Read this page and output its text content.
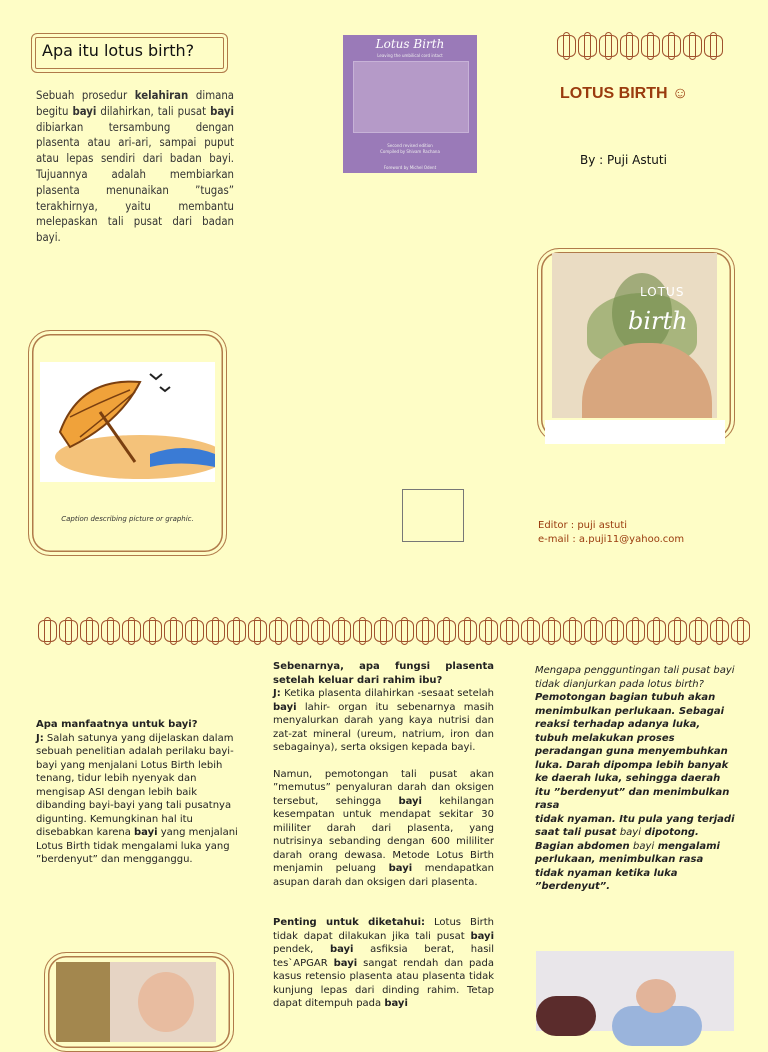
Apa itu lotus birth?
Sebuah prosedur kelahiran dimana begitu bayi dilahirkan, tali pusat bayi dibiarkan tersambung dengan plasenta atau ari-ari, sampai puput atau lepas sendiri dari badan bayi. Tujuannya adalah membiarkan plasenta menunaikan ”tugas” terakhirnya, yaitu membantu melepaskan tali pusat dari badan bayi.
Lotus Birth
Leaving the umbilical cord intact
Second revised edition
Compiled by Shivam Rachana
Foreword by Michel Odent
LOTUS BIRTH ☺
By : Puji Astuti
LOTUS
birth
Caption describing picture or graphic.
Editor : puji astuti
e-mail : a.puji11@yahoo.com
Apa manfaatnya untuk bayi?
J: Salah satunya yang dijelaskan dalam sebuah penelitian adalah perilaku bayi-bayi yang menjalani Lotus Birth lebih tenang, tidur lebih nyenyak dan mengisap ASI dengan lebih baik dibanding bayi-bayi yang tali pusatnya digunting. Kemungkinan hal itu disebabkan karena bayi yang menjalani Lotus Birth tidak mengalami luka yang ”berdenyut” dan mengganggu.
Sebenarnya, apa fungsi plasenta setelah keluar dari rahim ibu?
J: Ketika plasenta dilahirkan -sesaat setelah bayi lahir- organ itu sebenarnya masih menyalurkan darah yang kaya nutrisi dan zat-zat mineral (ureum, natrium, iron dan sebagainya), serta oksigen kepada bayi.
Namun, pemotongan tali pusat akan ”memutus” penyaluran darah dan oksigen tersebut, sehingga bayi kehilangan kesempatan untuk mendapat sekitar 30 mililiter darah dari plasenta, yang nutrisinya sebanding dengan 600 mililiter darah orang dewasa. Metode Lotus Birth menjamin peluang bayi mendapatkan asupan darah dan oksigen dari plasenta.
Penting untuk diketahui: Lotus Birth tidak dapat dilakukan jika tali pusat bayi pendek, bayi asfiksia berat, hasil tes`APGAR bayi sangat rendah dan pada kasus retensio plasenta atau plasenta tidak kunjung lepas dari dinding rahim. Tetap dapat ditempuh pada bayi
Mengapa pengguntingan tali pusat bayi tidak dianjurkan pada lotus birth?
Pemotongan bagian tubuh akan menimbulkan perlukaan. Sebagai reaksi terhadap adanya luka, tubuh melakukan proses peradangan guna menyembuhkan luka. Darah dipompa lebih banyak ke daerah luka, sehingga daerah itu ”berdenyut” dan menimbulkan rasa
tidak nyaman. Itu pula yang terjadi saat tali pusat bayi dipotong. Bagian abdomen bayi mengalami perlukaan, menimbulkan rasa tidak nyaman ketika luka ”berdenyut”.
